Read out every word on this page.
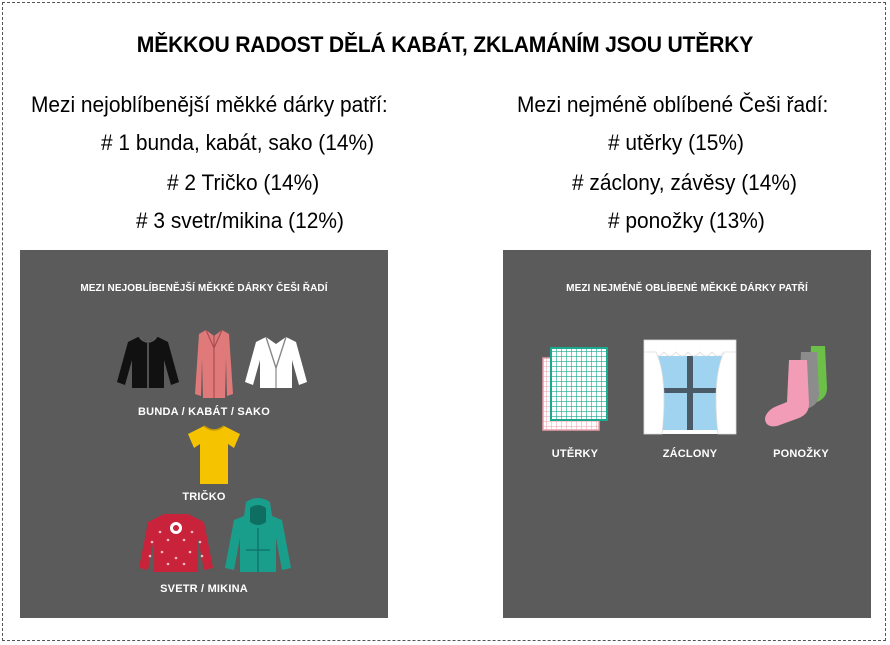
MĚKKOU RADOST DĚLÁ KABÁT, ZKLAMÁNÍM JSOU UTĚRKY
Mezi nejoblíbenější měkké dárky patří:
# 1 bunda, kabát, sako (14%)
# 2 Tričko (14%)
# 3 svetr/mikina (12%)
Mezi nejméně oblíbené Češi řadí:
# utěrky (15%)
# záclony, závěsy (14%)
# ponožky (13%)
MEZI NEJOBLÍBENĚJŠÍ MĚKKÉ DÁRKY ČEŠI ŘADÍ
BUNDA / KABÁT / SAKO
TRIČKO
SVETR / MIKINA
MEZI NEJMÉNĚ OBLÍBENÉ MĚKKÉ DÁRKY PATŘÍ
UTĚRKY	ZÁCLONY	PONOŽKY
